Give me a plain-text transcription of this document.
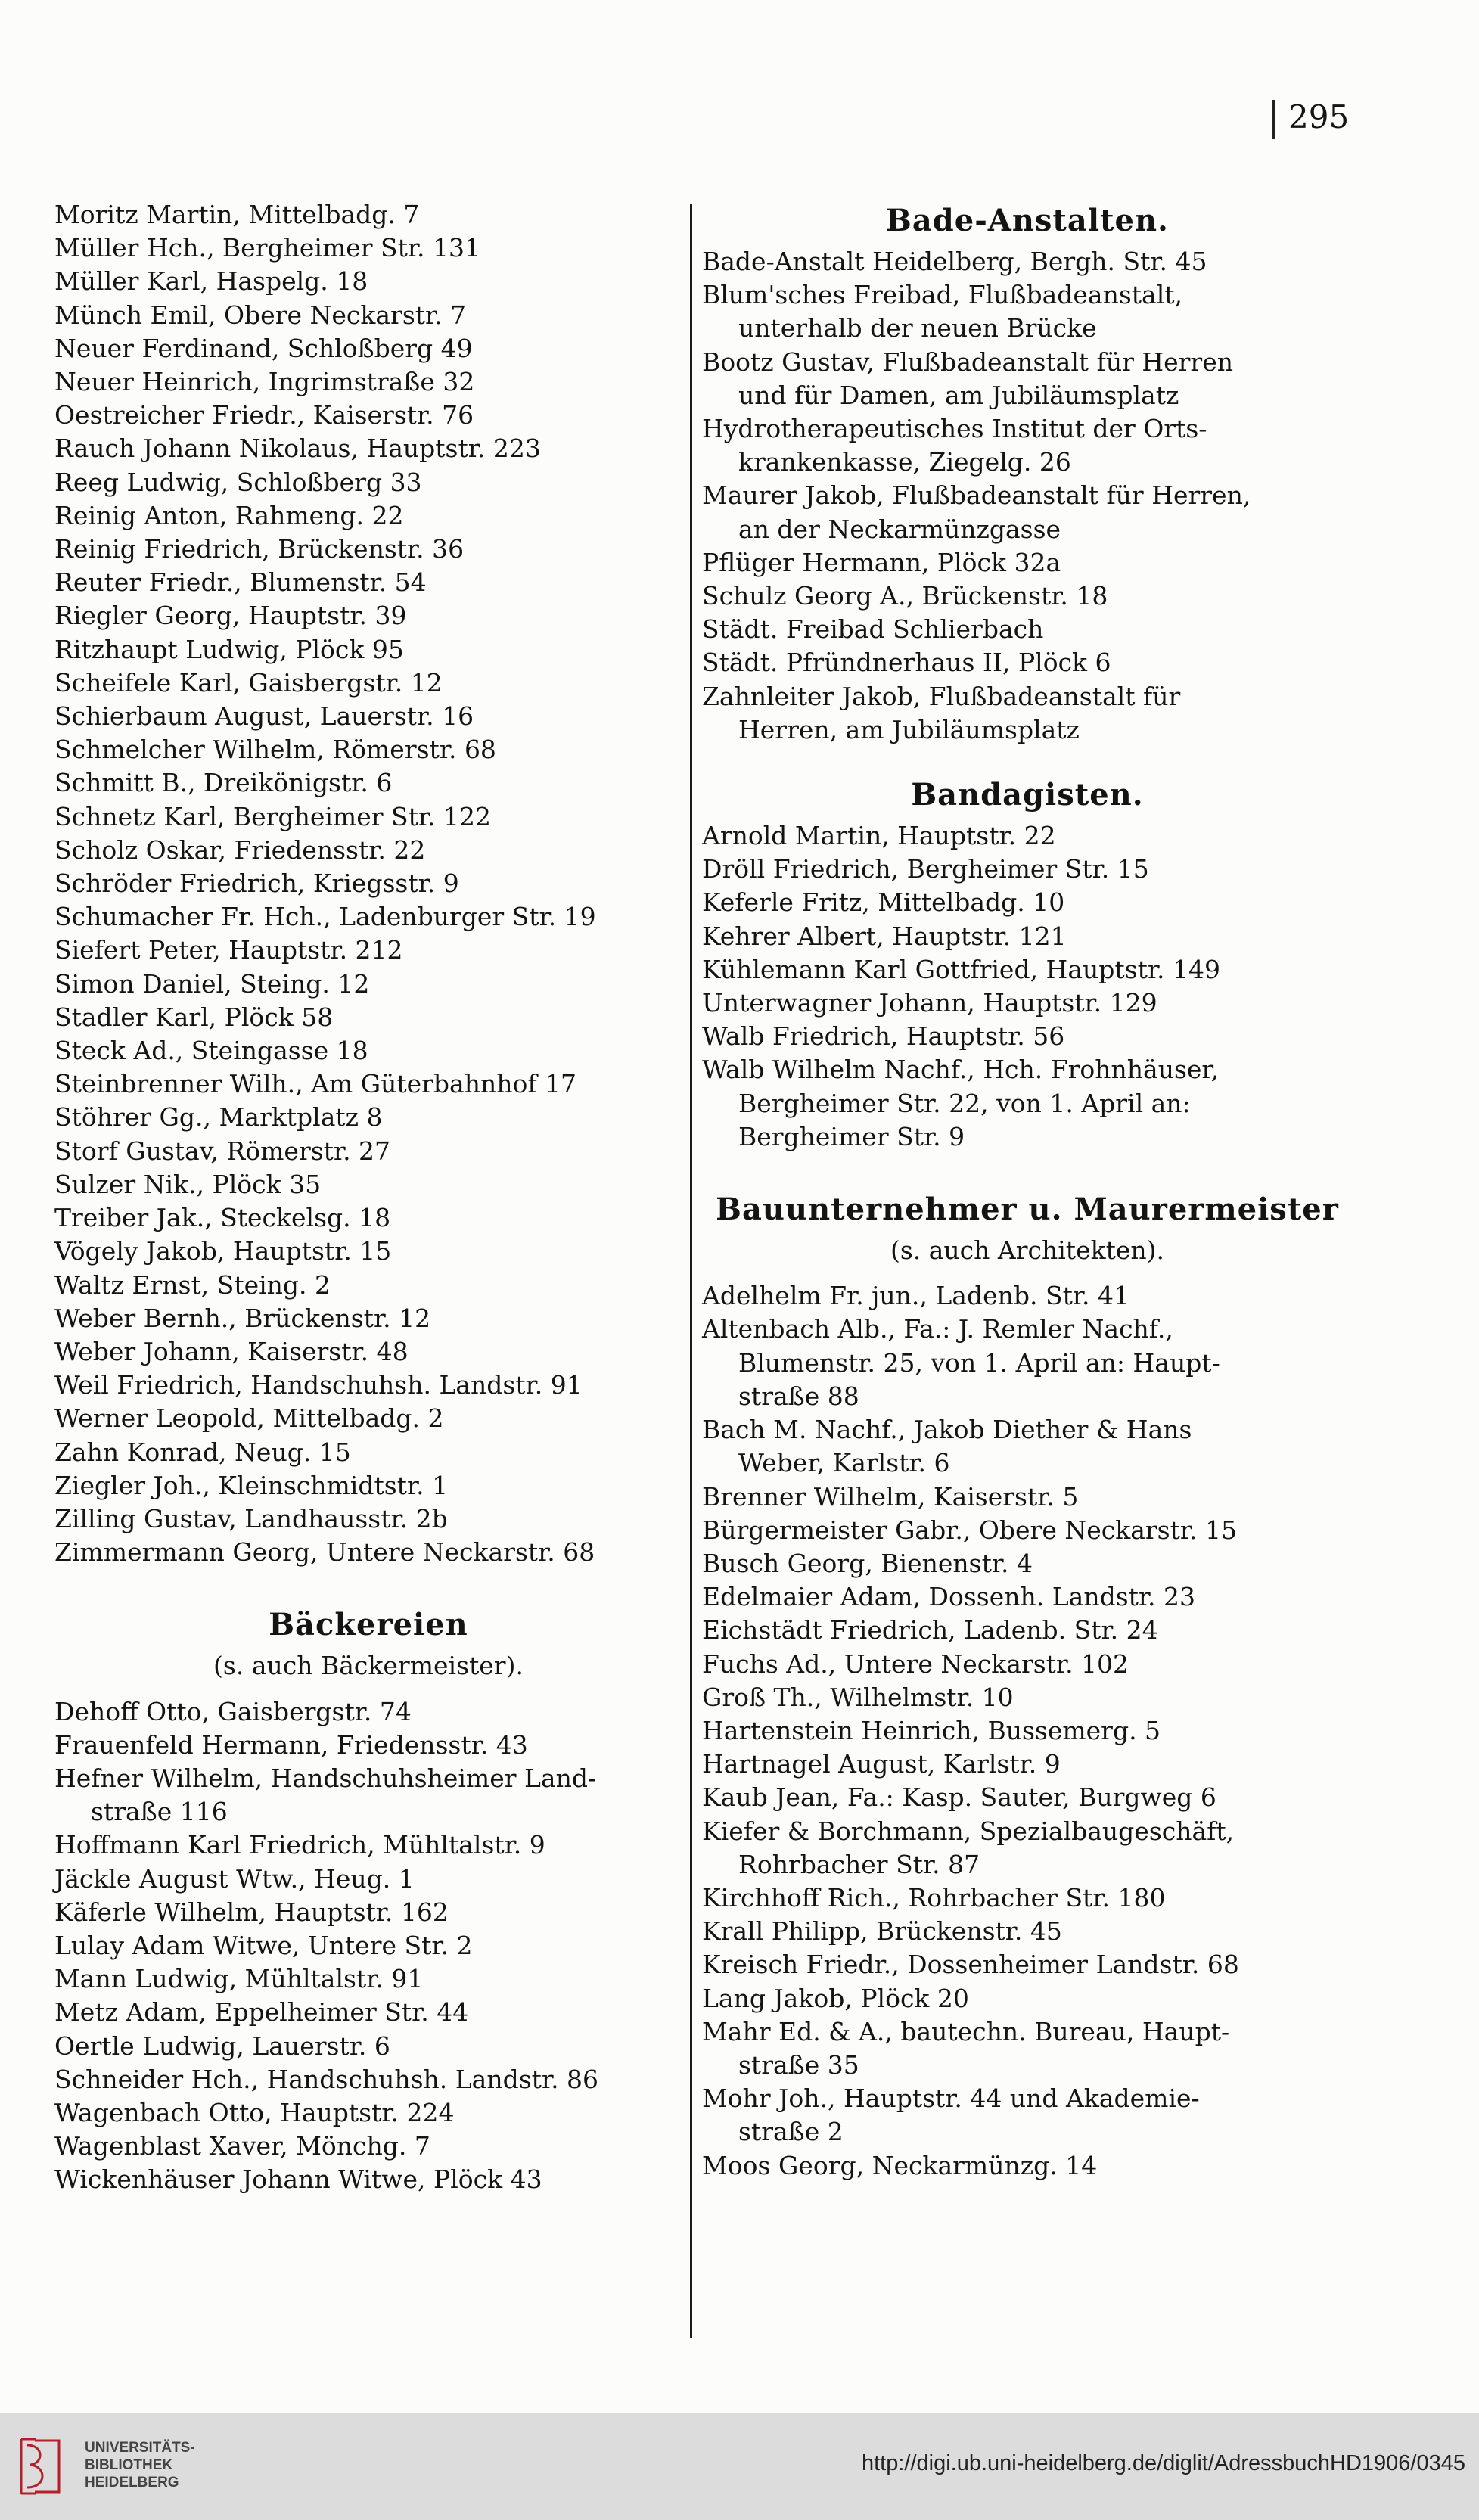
295
Moritz Martin, Mittelbadg. 7
Müller Hch., Bergheimer Str. 131
Müller Karl, Haspelg. 18
Münch Emil, Obere Neckarstr. 7
Neuer Ferdinand, Schloßberg 49
Neuer Heinrich, Ingrimstraße 32
Oestreicher Friedr., Kaiserstr. 76
Rauch Johann Nikolaus, Hauptstr. 223
Reeg Ludwig, Schloßberg 33
Reinig Anton, Rahmeng. 22
Reinig Friedrich, Brückenstr. 36
Reuter Friedr., Blumenstr. 54
Riegler Georg, Hauptstr. 39
Ritzhaupt Ludwig, Plöck 95
Scheifele Karl, Gaisbergstr. 12
Schierbaum August, Lauerstr. 16
Schmelcher Wilhelm, Römerstr. 68
Schmitt B., Dreikönigstr. 6
Schnetz Karl, Bergheimer Str. 122
Scholz Oskar, Friedensstr. 22
Schröder Friedrich, Kriegsstr. 9
Schumacher Fr. Hch., Ladenburger Str. 19
Siefert Peter, Hauptstr. 212
Simon Daniel, Steing. 12
Stadler Karl, Plöck 58
Steck Ad., Steingasse 18
Steinbrenner Wilh., Am Güterbahnhof 17
Stöhrer Gg., Marktplatz 8
Storf Gustav, Römerstr. 27
Sulzer Nik., Plöck 35
Treiber Jak., Steckelsg. 18
Vögely Jakob, Hauptstr. 15
Waltz Ernst, Steing. 2
Weber Bernh., Brückenstr. 12
Weber Johann, Kaiserstr. 48
Weil Friedrich, Handschuhsh. Landstr. 91
Werner Leopold, Mittelbadg. 2
Zahn Konrad, Neug. 15
Ziegler Joh., Kleinschmidtstr. 1
Zilling Gustav, Landhausstr. 2b
Zimmermann Georg, Untere Neckarstr. 68
Bäckereien
(s. auch Bäckermeister).
Dehoff Otto, Gaisbergstr. 74
Frauenfeld Hermann, Friedensstr. 43
Hefner Wilhelm, Handschuhsheimer Land-
straße 116
Hoffmann Karl Friedrich, Mühltalstr. 9
Jäckle August Wtw., Heug. 1
Käferle Wilhelm, Hauptstr. 162
Lulay Adam Witwe, Untere Str. 2
Mann Ludwig, Mühltalstr. 91
Metz Adam, Eppelheimer Str. 44
Oertle Ludwig, Lauerstr. 6
Schneider Hch., Handschuhsh. Landstr. 86
Wagenbach Otto, Hauptstr. 224
Wagenblast Xaver, Mönchg. 7
Wickenhäuser Johann Witwe, Plöck 43
Bade-Anstalten.
Bade-Anstalt Heidelberg, Bergh. Str. 45
Blum'sches Freibad, Flußbadeanstalt,
unterhalb der neuen Brücke
Bootz Gustav, Flußbadeanstalt für Herren
und für Damen, am Jubiläumsplatz
Hydrotherapeutisches Institut der Orts-
krankenkasse, Ziegelg. 26
Maurer Jakob, Flußbadeanstalt für Herren,
an der Neckarmünzgasse
Pflüger Hermann, Plöck 32a
Schulz Georg A., Brückenstr. 18
Städt. Freibad Schlierbach
Städt. Pfründnerhaus II, Plöck 6
Zahnleiter Jakob, Flußbadeanstalt für
Herren, am Jubiläumsplatz
Bandagisten.
Arnold Martin, Hauptstr. 22
Dröll Friedrich, Bergheimer Str. 15
Keferle Fritz, Mittelbadg. 10
Kehrer Albert, Hauptstr. 121
Kühlemann Karl Gottfried, Hauptstr. 149
Unterwagner Johann, Hauptstr. 129
Walb Friedrich, Hauptstr. 56
Walb Wilhelm Nachf., Hch. Frohnhäuser,
Bergheimer Str. 22, von 1. April an:
Bergheimer Str. 9
Bauunternehmer u. Maurermeister
(s. auch Architekten).
Adelhelm Fr. jun., Ladenb. Str. 41
Altenbach Alb., Fa.: J. Remler Nachf.,
Blumenstr. 25, von 1. April an: Haupt-
straße 88
Bach M. Nachf., Jakob Diether & Hans
Weber, Karlstr. 6
Brenner Wilhelm, Kaiserstr. 5
Bürgermeister Gabr., Obere Neckarstr. 15
Busch Georg, Bienenstr. 4
Edelmaier Adam, Dossenh. Landstr. 23
Eichstädt Friedrich, Ladenb. Str. 24
Fuchs Ad., Untere Neckarstr. 102
Groß Th., Wilhelmstr. 10
Hartenstein Heinrich, Bussemerg. 5
Hartnagel August, Karlstr. 9
Kaub Jean, Fa.: Kasp. Sauter, Burgweg 6
Kiefer & Borchmann, Spezialbaugeschäft,
Rohrbacher Str. 87
Kirchhoff Rich., Rohrbacher Str. 180
Krall Philipp, Brückenstr. 45
Kreisch Friedr., Dossenheimer Landstr. 68
Lang Jakob, Plöck 20
Mahr Ed. & A., bautechn. Bureau, Haupt-
straße 35
Mohr Joh., Hauptstr. 44 und Akademie-
straße 2
Moos Georg, Neckarmünzg. 14
UNIVERSITÄTS-
BIBLIOTHEK
HEIDELBERG
http://digi.ub.uni-heidelberg.de/diglit/AdressbuchHD1906/0345
